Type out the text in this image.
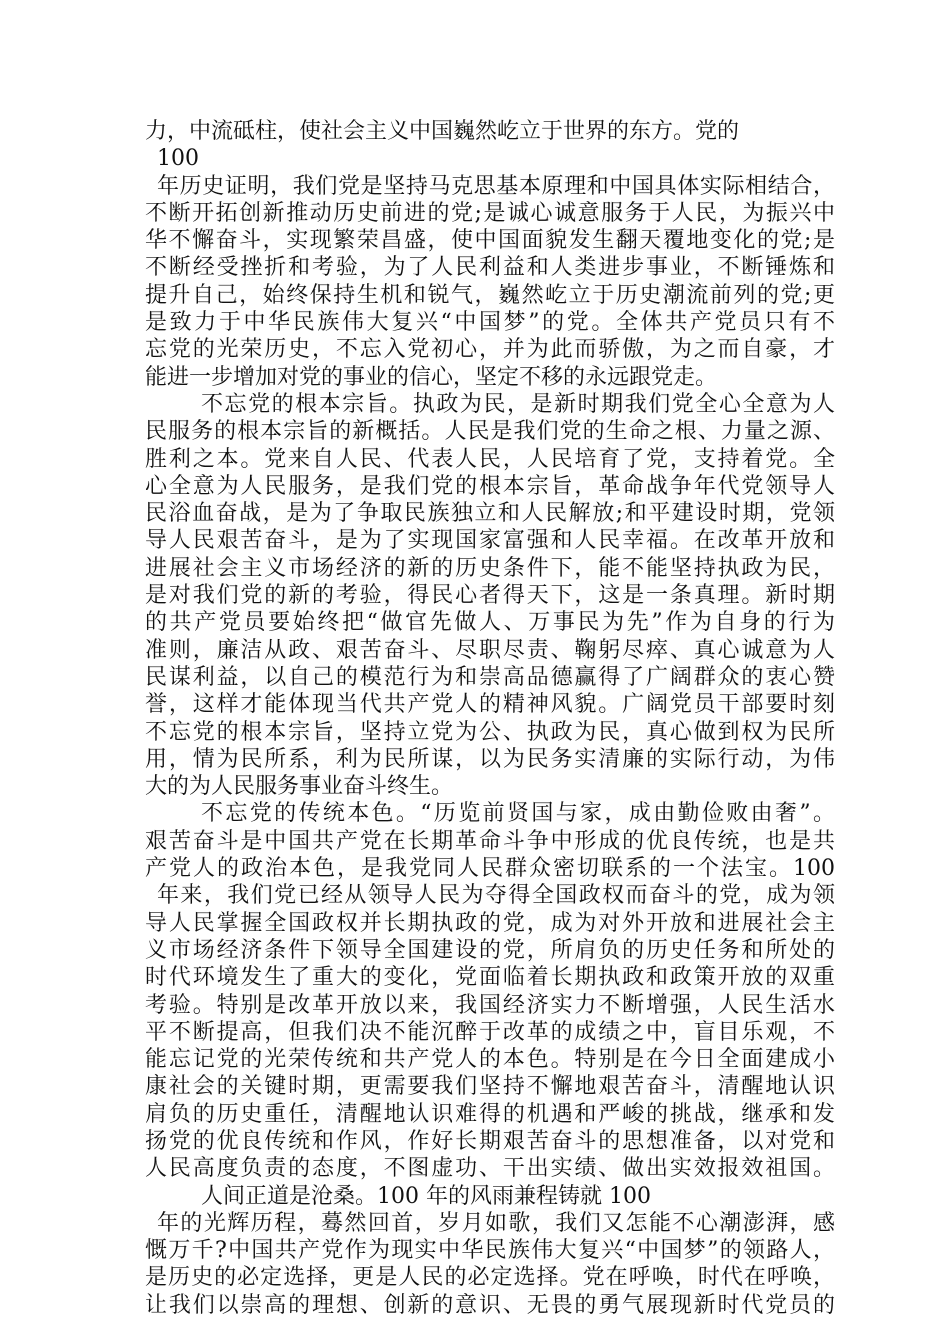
力，中流砥柱，使社会主义中国巍然屹立于世界的东方。党的
100
年历史证明，我们党是坚持马克思基本原理和中国具体实际相结合，
不断开拓创新推动历史前进的党;是诚心诚意服务于人民，为振兴中
华不懈奋斗，实现繁荣昌盛，使中国面貌发生翻天覆地变化的党;是
不断经受挫折和考验，为了人民利益和人类进步事业，不断锤炼和
提升自己，始终保持生机和锐气，巍然屹立于历史潮流前列的党;更
是致力于中华民族伟大复兴“中国梦”的党。全体共产党员只有不
忘党的光荣历史，不忘入党初心，并为此而骄傲，为之而自豪，才
能进一步增加对党的事业的信心，坚定不移的永远跟党走。
不忘党的根本宗旨。执政为民，是新时期我们党全心全意为人
民服务的根本宗旨的新概括。人民是我们党的生命之根、力量之源、
胜利之本。党来自人民、代表人民，人民培育了党，支持着党。全
心全意为人民服务，是我们党的根本宗旨，革命战争年代党领导人
民浴血奋战，是为了争取民族独立和人民解放;和平建设时期，党领
导人民艰苦奋斗，是为了实现国家富强和人民幸福。在改革开放和
进展社会主义市场经济的新的历史条件下，能不能坚持执政为民，
是对我们党的新的考验，得民心者得天下，这是一条真理。新时期
的共产党员要始终把“做官先做人、万事民为先”作为自身的行为
准则，廉洁从政、艰苦奋斗、尽职尽责、鞠躬尽瘁、真心诚意为人
民谋利益，以自己的模范行为和崇高品德赢得了广阔群众的衷心赞
誉，这样才能体现当代共产党人的精神风貌。广阔党员干部要时刻
不忘党的根本宗旨，坚持立党为公、执政为民，真心做到权为民所
用，情为民所系，利为民所谋，以为民务实清廉的实际行动，为伟
大的为人民服务事业奋斗终生。
不忘党的传统本色。“历览前贤国与家，成由勤俭败由奢”。
艰苦奋斗是中国共产党在长期革命斗争中形成的优良传统，也是共
产党人的政治本色，是我党同人民群众密切联系的一个法宝。100
年来，我们党已经从领导人民为夺得全国政权而奋斗的党，成为领
导人民掌握全国政权并长期执政的党，成为对外开放和进展社会主
义市场经济条件下领导全国建设的党，所肩负的历史任务和所处的
时代环境发生了重大的变化，党面临着长期执政和政策开放的双重
考验。特别是改革开放以来，我国经济实力不断增强，人民生活水
平不断提高，但我们决不能沉醉于改革的成绩之中，盲目乐观，不
能忘记党的光荣传统和共产党人的本色。特别是在今日全面建成小
康社会的关键时期，更需要我们坚持不懈地艰苦奋斗，清醒地认识
肩负的历史重任，清醒地认识难得的机遇和严峻的挑战，继承和发
扬党的优良传统和作风，作好长期艰苦奋斗的思想准备，以对党和
人民高度负责的态度，不图虚功、干出实绩、做出实效报效祖国。
人间正道是沧桑。100 年的风雨兼程铸就 100
年的光辉历程，蓦然回首，岁月如歌，我们又怎能不心潮澎湃，感
慨万千?中国共产党作为现实中华民族伟大复兴“中国梦”的领路人，
是历史的必定选择，更是人民的必定选择。党在呼唤，时代在呼唤，
让我们以崇高的理想、创新的意识、无畏的勇气展现新时代党员的
